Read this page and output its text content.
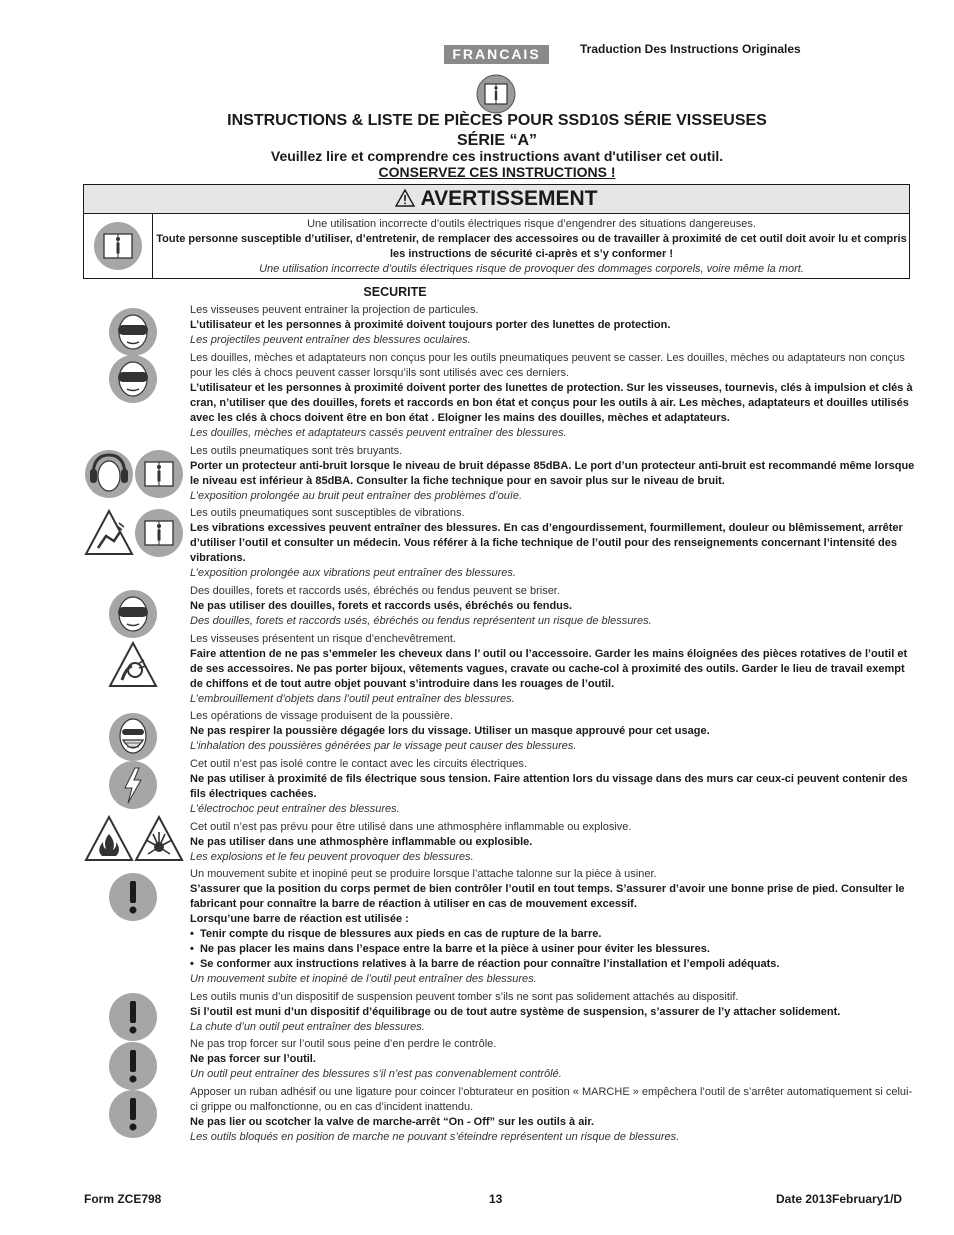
FRANCAIS	Traduction Des Instructions Originales
INSTRUCTIONS & LISTE DE PIÈCES POUR SSD10S SÉRIE VISSEUSES
SÉRIE “A”
Veuillez lire et comprendre ces instructions avant d'utiliser cet outil.
CONSERVEZ CES INSTRUCTIONS !
AVERTISSEMENT
Une utilisation incorrecte d’outils électriques risque d’engendrer des situations dangereuses.
Toute personne susceptible d’utiliser, d’entretenir, de remplacer des accessoires ou de travailler à proximité de cet outil doit avoir lu et compris les instructions de sécurité ci-après et s’y conformer !
Une utilisation incorrecte d’outils électriques risque de provoquer des dommages corporels, voire même la mort.
SECURITE

Les visseuses peuvent entrainer la projection de particules.

L’utilisateur et les personnes à proximité doivent toujours porter des lunettes de protection.

Les projectiles peuvent entraîner des blessures oculaires.

Les douilles, mèches et adaptateurs non conçus pour les outils pneumatiques peuvent se casser. Les douilles, mèches ou adaptateurs non conçus pour les clés à chocs peuvent casser lorsqu’ils sont utilisés avec ces derniers.

L’utilisateur et les personnes à proximité doivent porter des lunettes de protection. Sur les visseuses, tournevis, clés à impulsion et clés à cran, n’utiliser que des douilles, forets et raccords en bon état et conçus pour les outils à air. Les mèches, adaptateurs et douilles utilisés avec les clés à chocs doivent être en bon état . Eloigner les mains des douilles, mèches et adaptateurs.

Les douilles, mèches et adaptateurs cassés peuvent entraîner des blessures.

Les outils pneumatiques sont très bruyants.

Porter un protecteur anti-bruit lorsque le niveau de bruit dépasse 85dBA. Le port d’un protecteur anti-bruit est recommandé même lorsque le niveau est inférieur à 85dBA. Consulter la fiche technique pour en savoir plus sur le niveau de bruit.

L’exposition prolongée au bruit peut entraîner des problèmes d’ouïe.

Les outils pneumatiques sont susceptibles de vibrations.

Les vibrations excessives peuvent entraîner des blessures. En cas d’engourdissement, fourmillement, douleur ou blêmissement, arrêter d’utiliser l’outil et consulter un médecin. Vous référer à la fiche technique de l’outil pour des renseignements concernant l’intensité des vibrations.

L’exposition prolongée aux vibrations peut entraîner des blessures.

Des douilles, forets et raccords usés, ébréchés ou fendus peuvent se briser.

Ne pas utiliser des douilles, forets et raccords usés, ébréchés ou fendus.

Des douilles, forets et raccords usés, ébréchés ou fendus représentent un risque de blessures.

Les visseuses présentent un risque d’enchevêtrement.

Faire attention de ne pas s’emmeler les cheveux dans l’ outil ou l’accessoire. Garder les mains éloignées des pièces rotatives de l’outil et de ses accessoires. Ne pas porter bijoux, vêtements vagues, cravate ou cache-col à proximité des outils. Garder le lieu de travail exempt de chiffons et de tout autre objet pouvant s’introduire dans les rouages de l’outil.

L’embrouillement d’objets dans l’outil peut entraîner des blessures.

Les opérations de vissage produisent de la poussière.

Ne pas respirer la poussière dégagée lors du vissage. Utiliser un masque approuvé pour cet usage.

L’inhalation des poussières générées par le vissage peut causer des blessures.

Cet outil n’est pas isolé contre le contact avec les circuits électriques.

Ne pas utiliser à proximité de fils électrique sous tension. Faire attention lors du vissage dans des murs car ceux-ci peuvent contenir des fils électriques cachées.

L’électrochoc peut entraîner des blessures.

Cet outil n’est pas prévu pour être utilisé dans une athmosphère inflammable ou explosive.

Ne pas utiliser dans une athmosphère inflammable ou explosible.

Les explosions et le feu peuvent provoquer des blessures.

Un mouvement subite et inopiné peut se produire lorsque l’attache talonne sur la pièce à usiner.

S’assurer que la position du corps permet de bien contrôler l’outil en tout temps. S’assurer d’avoir une bonne prise de pied. Consulter le fabricant pour connaître la barre de réaction à utiliser en cas de mouvement excessif.

Lorsqu’une barre de réaction est utilisée :

•  Tenir compte du risque de blessures aux pieds en cas de rupture de la barre.

•  Ne pas placer les mains dans l’espace entre la barre et la pièce à usiner pour éviter les blessures.

•  Se conformer aux instructions relatives à la barre de réaction pour connaître l’installation et l’empoli adéquats.

Un mouvement subite et inopiné de l’outil peut entraîner des blessures.

Les outils munis d’un dispositif de suspension peuvent tomber s’ils ne sont pas solidement attachés au dispositif.

Si l’outil est muni d’un dispositif d’équilibrage ou de tout autre système de suspension, s’assurer de l’y attacher solidement.

La chute d’un outil peut entraîner des blessures.

Ne pas trop forcer sur l’outil sous peine d’en perdre le contrôle.

Ne pas forcer sur l’outil.

Un outil peut entraîner des blessures s’il n’est pas convenablement contrôlé.

Apposer un ruban adhésif ou une ligature pour coincer l’obturateur en position « MARCHE » empêchera l’outil de s’arrêter automatiquement si celui-ci grippe ou malfonctionne, ou en cas d’incident inattendu.

Ne pas lier ou scotcher la valve de marche-arrêt “On - Off” sur les outils à air.

Les outils bloqués en position de marche ne pouvant s’éteindre représentent un risque de blessures.

Form ZCE798	13	Date 2013February1/D
